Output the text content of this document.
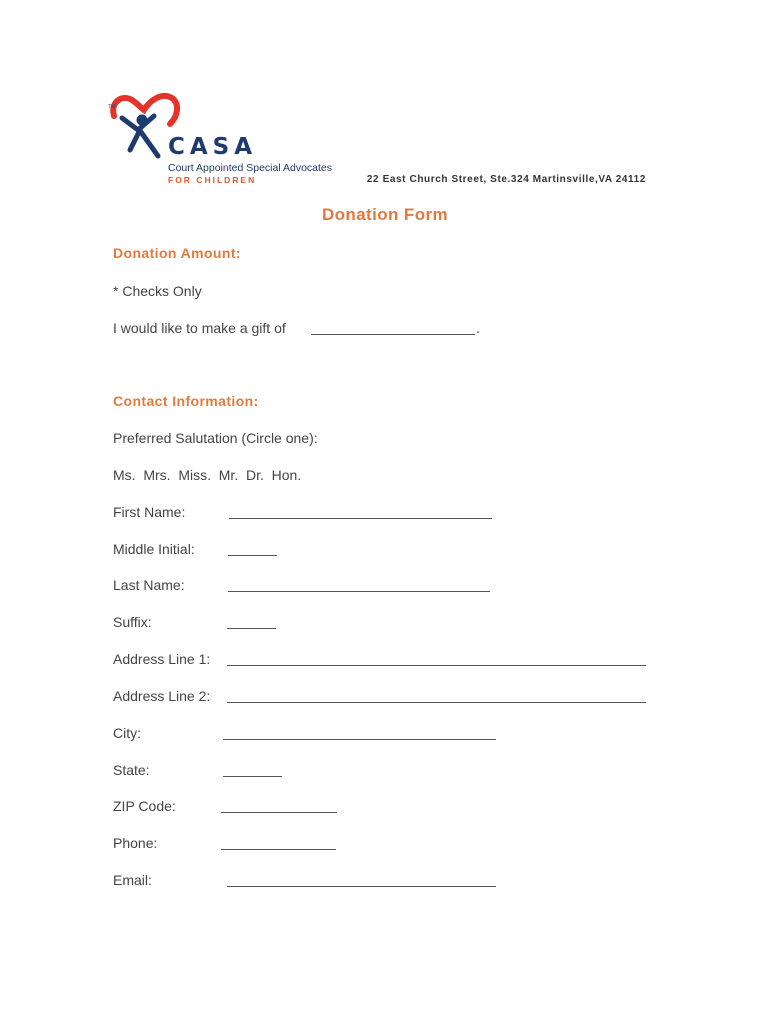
TM
CASA
Court Appointed Special Advocates
FOR CHILDREN	22 East Church Street, Ste.324 Martinsville,VA 24112
Donation Form
Donation Amount:
* Checks Only
I would like to make a gift of	.
Contact Information:
Preferred Salutation (Circle one):
Ms.  Mrs.  Miss.  Mr.  Dr.  Hon.
First Name:
Middle Initial:
Last Name:
Suffix:
Address Line 1:
Address Line 2:
City:
State:
ZIP Code:
Phone:
Email:
